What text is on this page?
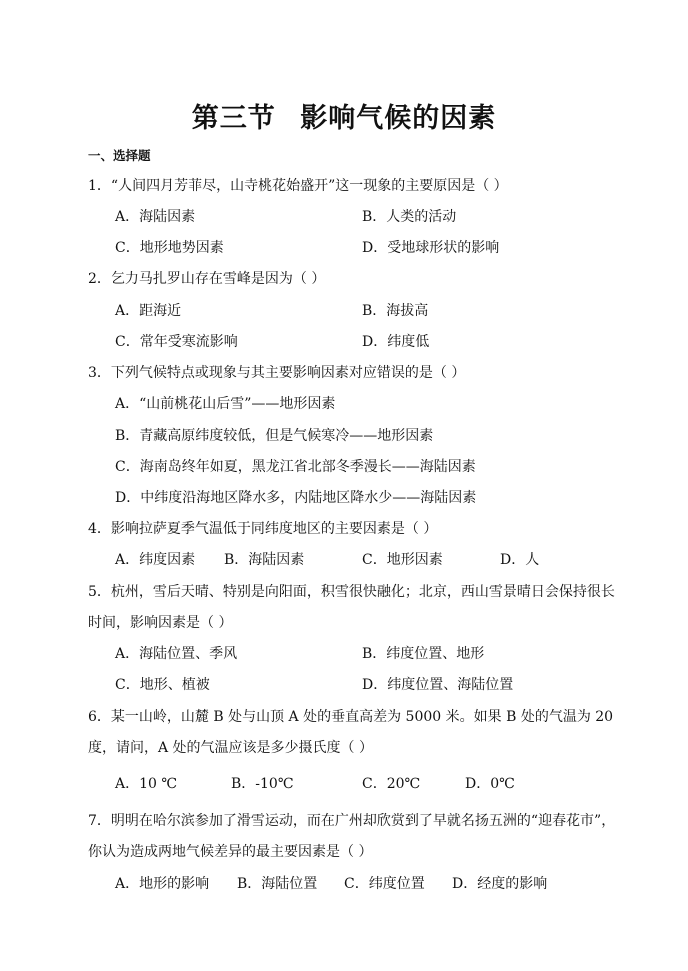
第三节 影响气候的因素
一、选择题
1．“人间四月芳菲尽，山寺桃花始盛开”这一现象的主要原因是（ ）
A．海陆因素	B．人类的活动
C．地形地势因素	D．受地球形状的影响
2．乞力马扎罗山存在雪峰是因为（ ）
A．距海近	B．海拔高
C．常年受寒流影响	D．纬度低
3．下列气候特点或现象与其主要影响因素对应错误的是（ ）
A．“山前桃花山后雪”——地形因素
B．青藏高原纬度较低，但是气候寒冷——地形因素
C．海南岛终年如夏，黑龙江省北部冬季漫长——海陆因素
D．中纬度沿海地区降水多，内陆地区降水少——海陆因素
4．影响拉萨夏季气温低于同纬度地区的主要因素是（ ）
A．纬度因素 B．海陆因素	C．地形因素	D．人
5．杭州，雪后天晴、特别是向阳面，积雪很快融化；北京，西山雪景晴日会保持很长
时间，影响因素是（ ）
A．海陆位置、季风	B．纬度位置、地形
C．地形、植被	D．纬度位置、海陆位置
6．某一山岭，山麓 B 处与山顶 A 处的垂直高差为 5000 米。如果 B 处的气温为 20
度，请问，A 处的气温应该是多少摄氏度（ ）
A．10 ℃	B．-10℃	C．20℃	D．0℃
7．明明在哈尔滨参加了滑雪运动，而在广州却欣赏到了早就名扬五洲的“迎春花市”，
你认为造成两地气候差异的最主要因素是（ ）
A．地形的影响 B．海陆位置 C．纬度位置 D．经度的影响
